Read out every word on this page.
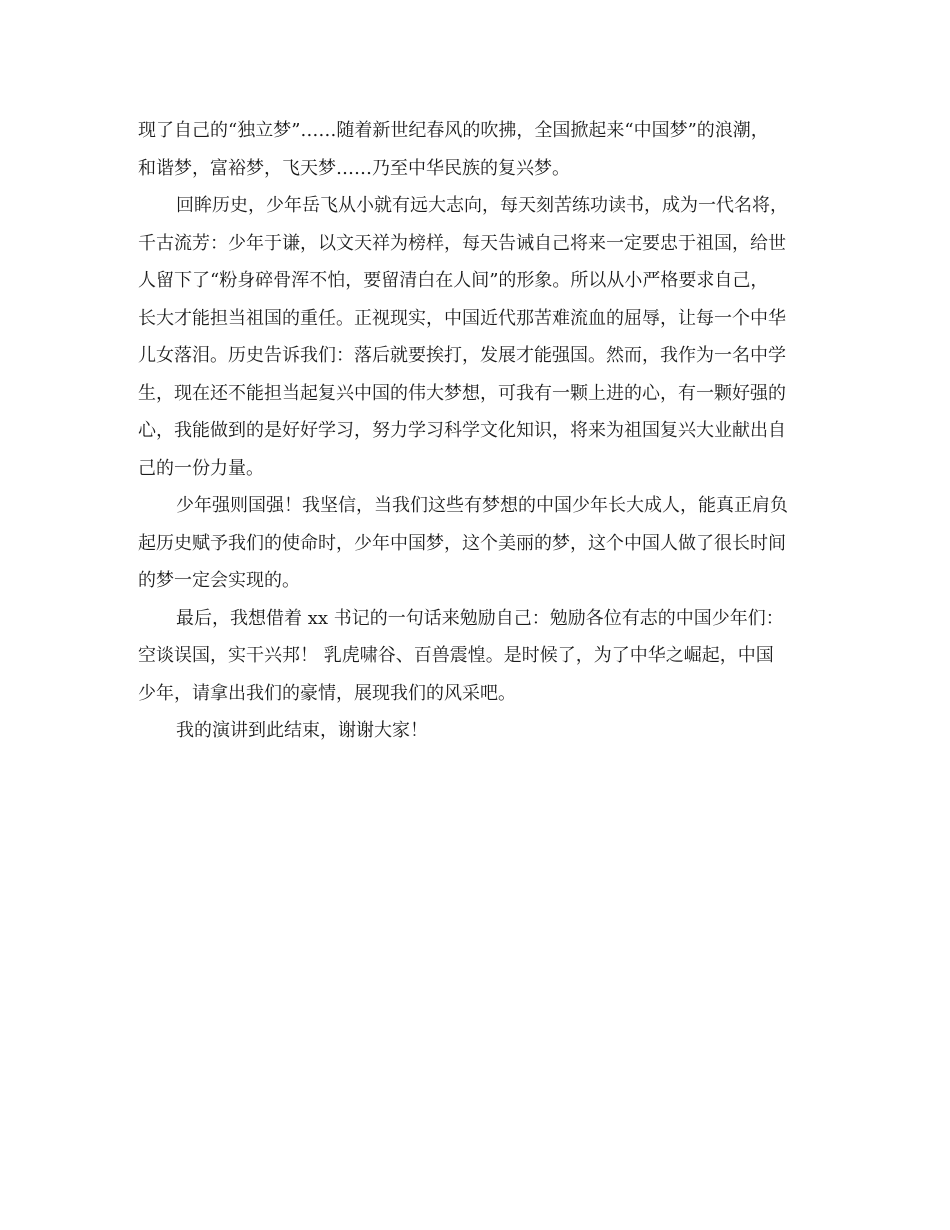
现了自己的“独立梦”……随着新世纪春风的吹拂，全国掀起来“中国梦”的浪潮，

和谐梦，富裕梦，飞天梦……乃至中华民族的复兴梦。

回眸历史，少年岳飞从小就有远大志向，每天刻苦练功读书，成为一代名将，

千古流芳：少年于谦，以文天祥为榜样，每天告诫自己将来一定要忠于祖国，给世

人留下了“粉身碎骨浑不怕，要留清白在人间”的形象。所以从小严格要求自己，

长大才能担当祖国的重任。正视现实，中国近代那苦难流血的屈辱，让每一个中华

儿女落泪。历史告诉我们：落后就要挨打，发展才能强国。然而，我作为一名中学

生，现在还不能担当起复兴中国的伟大梦想，可我有一颗上进的心，有一颗好强的

心，我能做到的是好好学习，努力学习科学文化知识，将来为祖国复兴大业献出自

己的一份力量。

少年强则国强！我坚信，当我们这些有梦想的中国少年长大成人，能真正肩负

起历史赋予我们的使命时，少年中国梦，这个美丽的梦，这个中国人做了很长时间

的梦一定会实现的。

最后，我想借着 xx 书记的一句话来勉励自己：勉励各位有志的中国少年们：

空谈误国，实干兴邦！ 乳虎啸谷、百兽震惶。是时候了，为了中华之崛起，中国

少年，请拿出我们的豪情，展现我们的风采吧。

我的演讲到此结束，谢谢大家！
